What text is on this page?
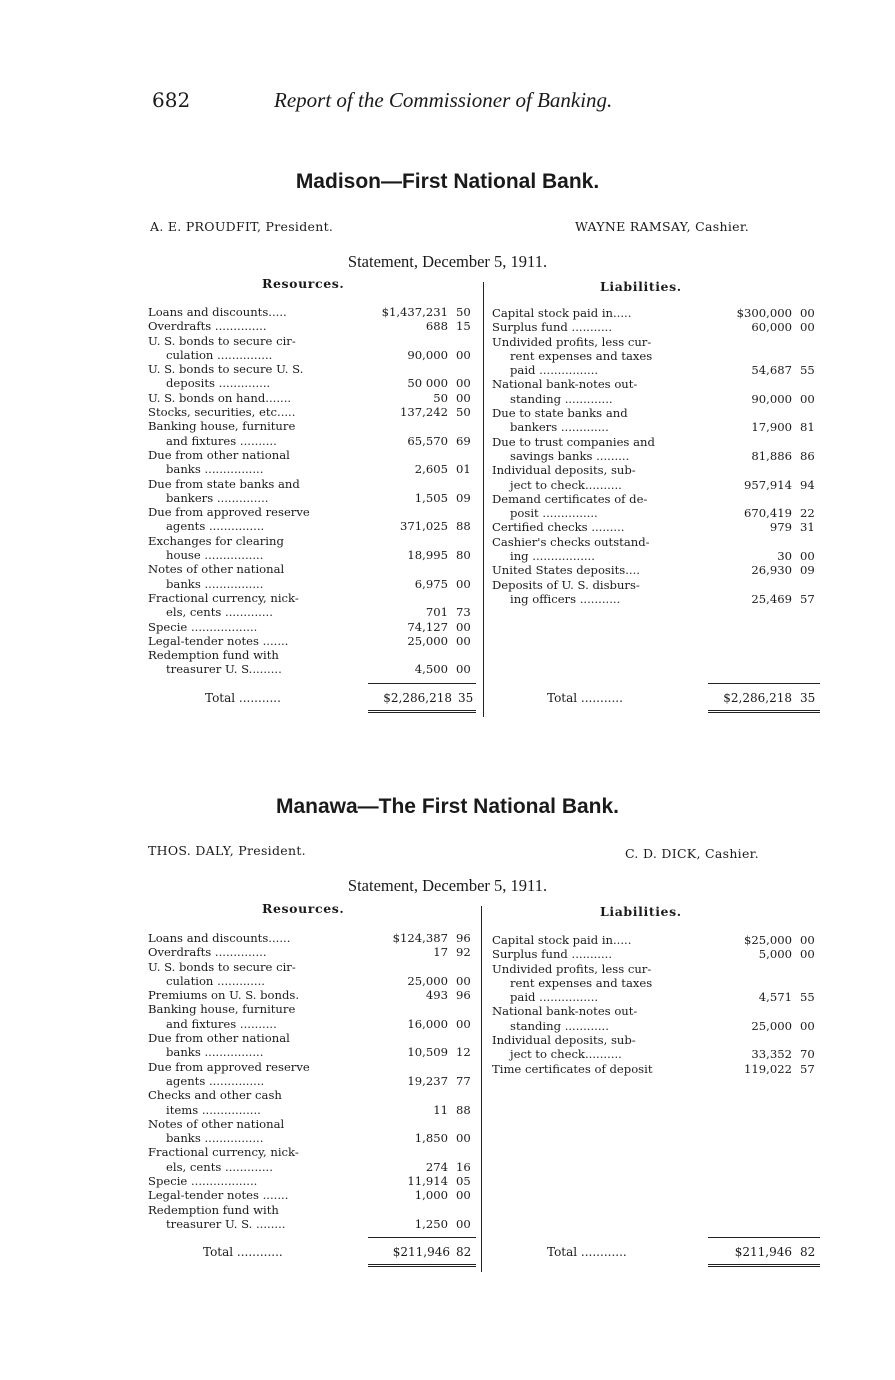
682	Report of the Commissioner of Banking.
Madison—First National Bank.
A. E. PROUDFIT, President.	WAYNE RAMSAY, Cashier.
Statement, December 5, 1911.
Resources.	Liabilities.
Loans and discounts.....	$1,437,231 50
Overdrafts ..............	688 15
U. S. bonds to secure cir-
culation ...............	90,000 00
U. S. bonds to secure U. S.
deposits ..............	50 000 00
U. S. bonds on hand.......	50 00
Stocks, securities, etc.....	137,242 50
Banking house, furniture
and fixtures ..........	65,570 69
Due from other national
banks ................	2,605 01
Due from state banks and
bankers ..............	1,505 09
Due from approved reserve
agents ...............	371,025 88
Exchanges for clearing
house ................	18,995 80
Notes of other national
banks ................	6,975 00
Fractional currency, nick-
els, cents .............	701 73
Specie ..................	74,127 00
Legal-tender notes .......	25,000 00
Redemption fund with
treasurer U. S.........	4,500 00
Capital stock paid in.....	$300,000 00
Surplus fund ...........	60,000 00
Undivided profits, less cur-
rent expenses and taxes
paid ................	54,687 55
National bank-notes out-
standing .............	90,000 00
Due to state banks and
bankers .............	17,900 81
Due to trust companies and
savings banks .........	81,886 86
Individual deposits, sub-
ject to check..........	957,914 94
Demand certificates of de-
posit ...............	670,419 22
Certified checks .........	979 31
Cashier's checks outstand-
ing .................	30 00
United States deposits....	26,930 09
Deposits of U. S. disburs-
ing officers ...........	25,469 57
Total ...........	$2,286,218 35	Total ...........	$2,286,218 35
Manawa—The First National Bank.
THOS. DALY, President.	C. D. DICK, Cashier.
Statement, December 5, 1911.
Resources.	Liabilities.
Loans and discounts......	$124,387 96
Overdrafts ..............	17 92
U. S. bonds to secure cir-
culation .............	25,000 00
Premiums on U. S. bonds.	493 96
Banking house, furniture
and fixtures ..........	16,000 00
Due from other national
banks ................	10,509 12
Due from approved reserve
agents ...............	19,237 77
Checks and other cash
items ................	11 88
Notes of other national
banks ................	1,850 00
Fractional currency, nick-
els, cents .............	274 16
Specie ..................	11,914 05
Legal-tender notes .......	1,000 00
Redemption fund with
treasurer U. S. ........	1,250 00
Capital stock paid in.....	$25,000 00
Surplus fund ...........	5,000 00
Undivided profits, less cur-
rent expenses and taxes
paid ................	4,571 55
National bank-notes out-
standing ............	25,000 00
Individual deposits, sub-
ject to check..........	33,352 70
Time certificates of deposit	119,022 57
Total ............	$211,946 82	Total ............	$211,946 82
